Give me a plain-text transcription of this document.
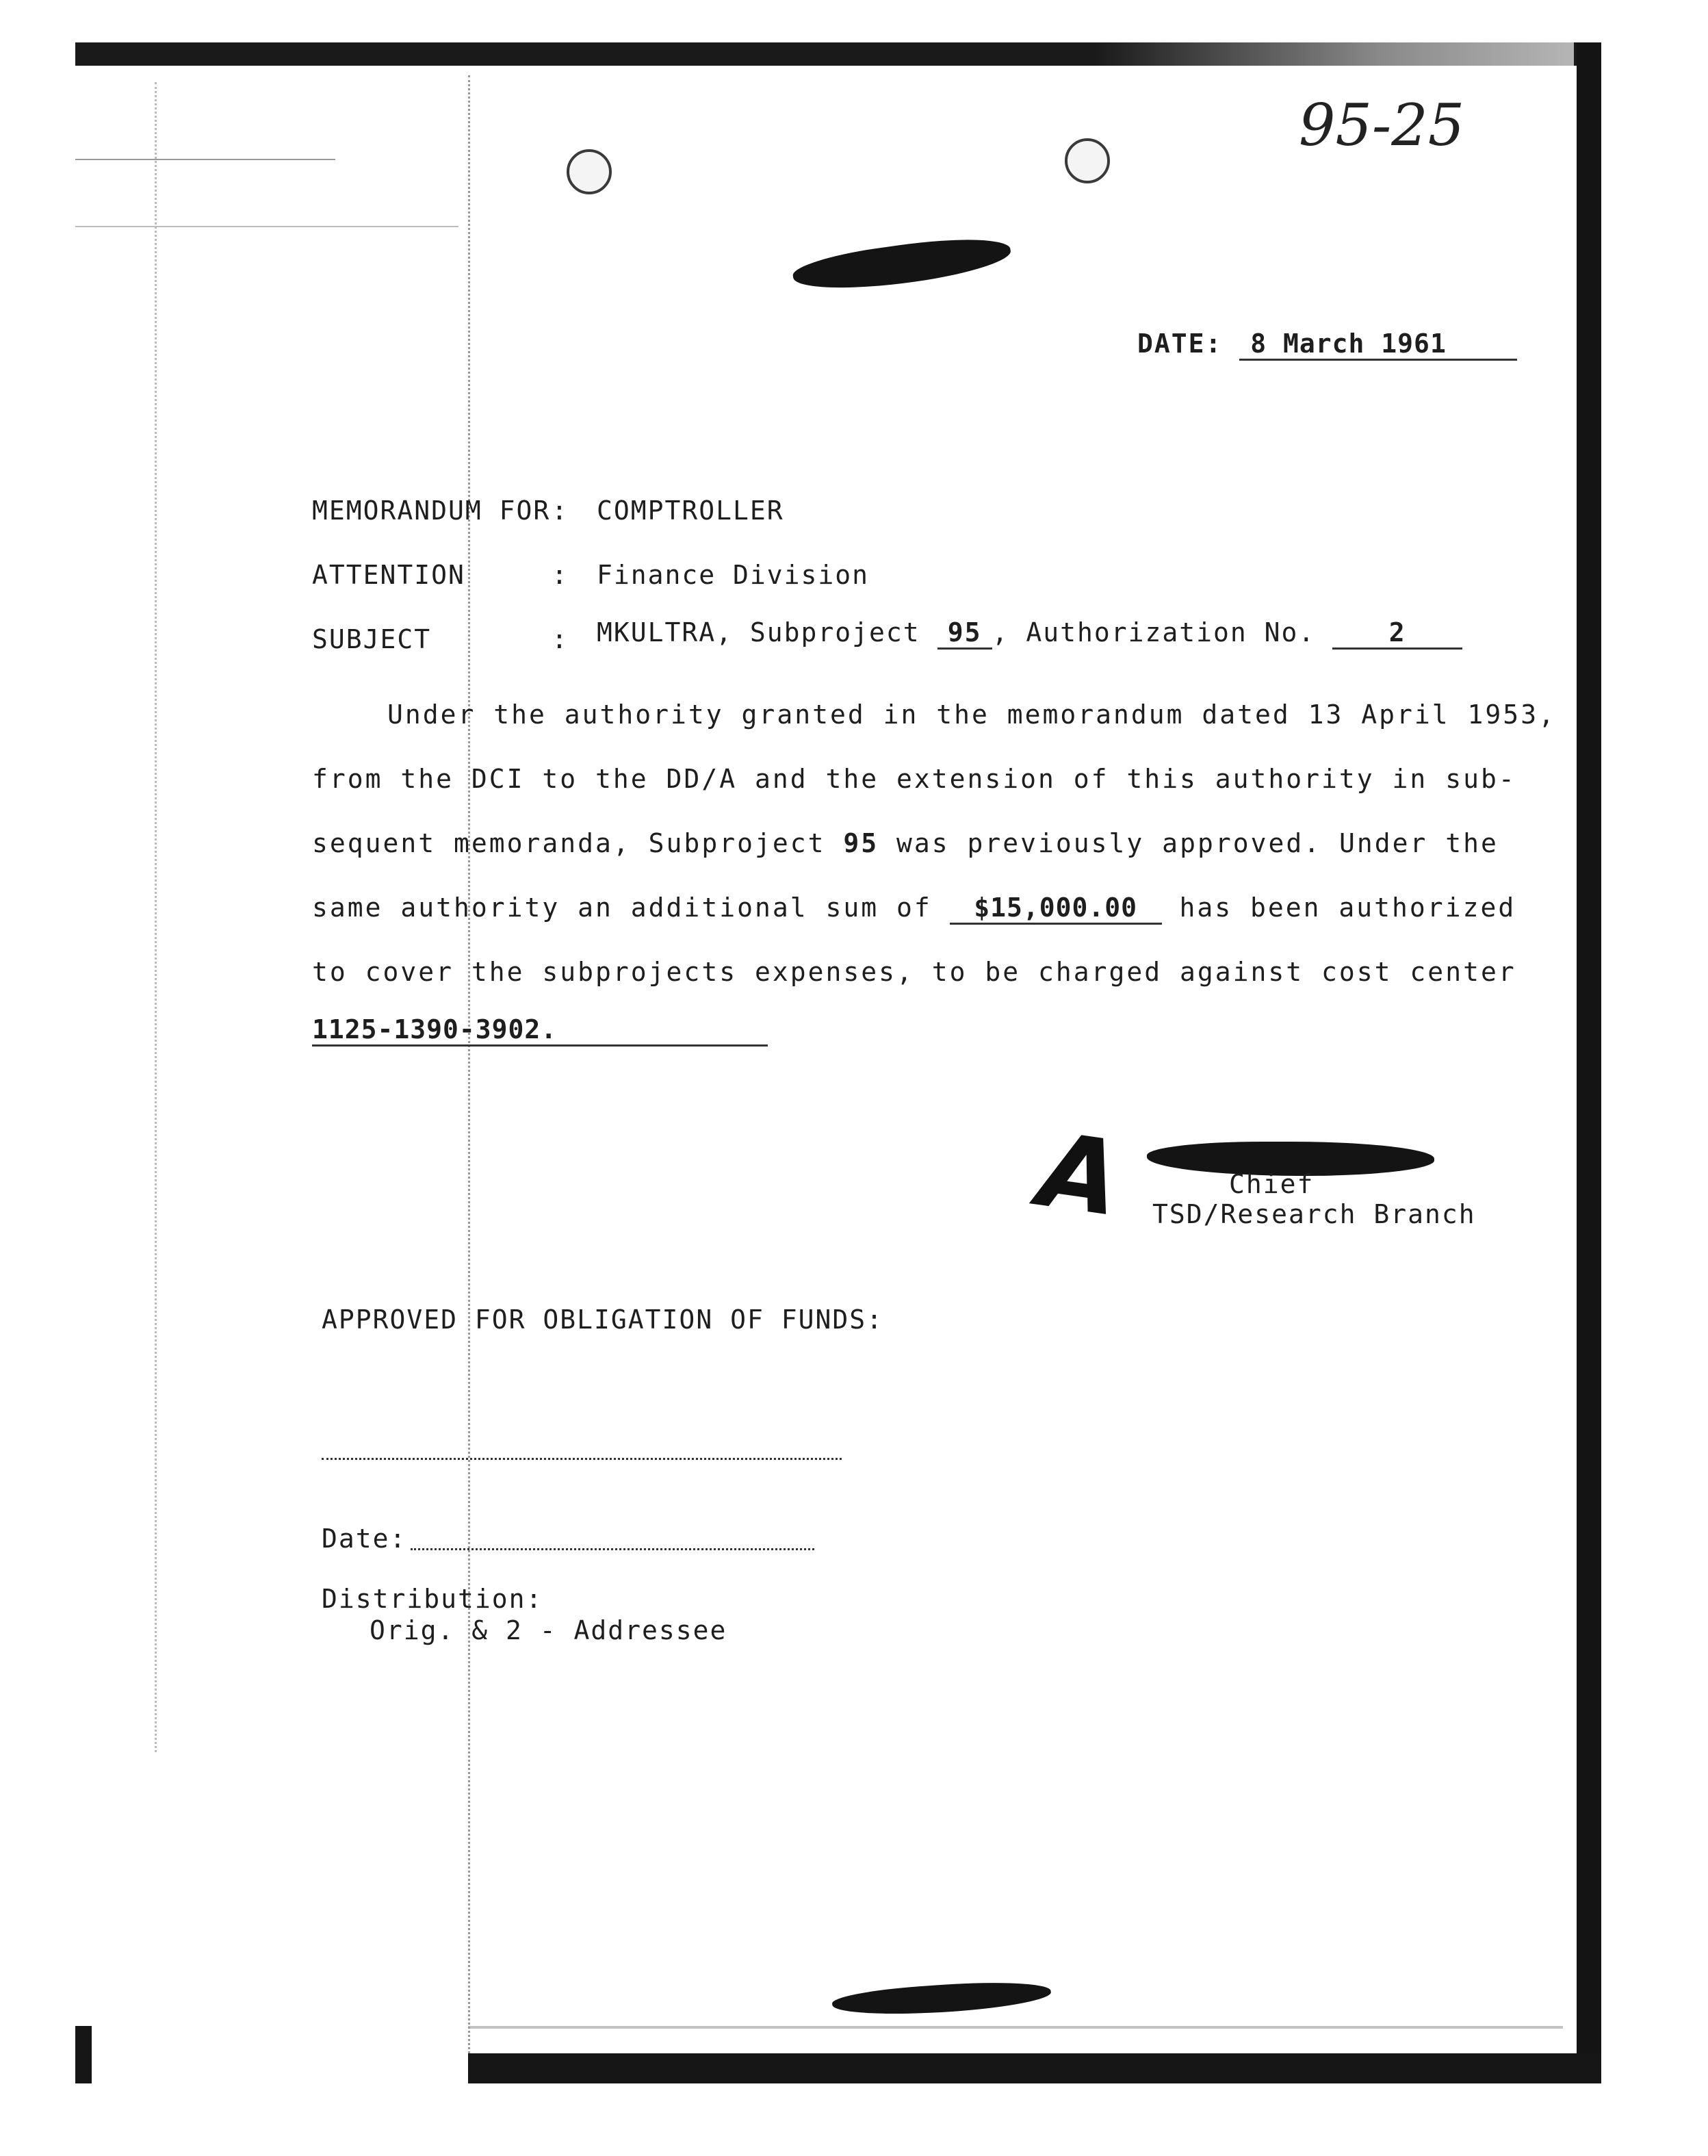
95-25
DATE: 8 March 1961
MEMORANDUM FOR : COMPTROLLER
ATTENTION	: Finance Division
SUBJECT	: MKULTRA, Subproject 95 , Authorization No.	2
Under the authority granted in the memorandum dated 13 April 1953,
from the DCI to the DD/A and the extension of this authority in sub-
sequent memoranda, Subproject 95 was previously approved. Under the
same authority an additional sum of $15,000.00 has been authorized
to cover the subprojects expenses, to be charged against cost center
1125-1390-3902.
A	Chief
TSD/Research Branch
APPROVED FOR OBLIGATION OF FUNDS:
Date:
Distribution:
Orig. & 2 - Addressee
